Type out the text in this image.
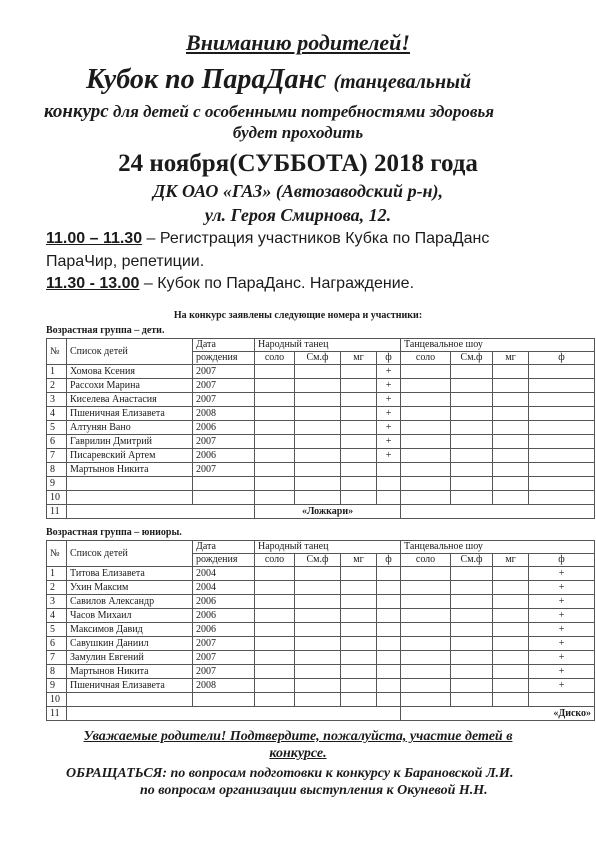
Вниманию родителей!
Кубок по ПараДанс (танцевальный
конкурс для детей с особенными потребностями здоровья
будет проходить
24 ноября(СУББОТА) 2018 года
ДК ОАО «ГАЗ» (Автозаводский р-н),
ул. Героя Смирнова, 12.
11.00 – 11.30 – Регистрация участников Кубка по ПараДанс
ПараЧир, репетиции.
11.30 - 13.00 – Кубок по ПараДанс. Награждение.
На конкурс заявлены следующие номера и участники:
Возрастная группа – дети.
№	Список детей	Дата	Народный танец				Танцевальное шоу			
		рождения	соло	См.ф	мг	ф	соло	См.ф	мг	ф
1	Хомова Ксения	2007				+				
2	Рассохи Марина	2007				+				
3	Киселева Анастасия	2007				+				
4	Пшеничная Елизавета	2008				+				
5	Алтунян Вано	2006				+				
6	Гаврилин Дмитрий	2007				+				
7	Писаревский Артем	2006				+				
8	Мартынов Никита	2007								
9										
10										
11			«Ложкари»							
Возрастная группа – юниоры.
№	Список детей	Дата	Народный танец				Танцевальное шоу			
		рождения	соло	См.ф	мг	ф	соло	См.ф	мг	ф
1	Титова Елизавета	2004								+
2	Ухин Максим	2004								+
3	Савилов Александр	2006								+
4	Часов Михаил	2006								+
5	Максимов Давид	2006								+
6	Савушкин Даниил	2007								+
7	Замулин Евгений	2007								+
8	Мартынов Никита	2007								+
9	Пшеничная Елизавета	2008								+
10										
11							«Диско»			
Уважаемые родители! Подтвердите, пожалуйста, участие детей в
конкурсе.
ОБРАЩАТЬСЯ: по вопросам подготовки к конкурсу к Барановской Л.И.
по вопросам организации выступления к Окуневой Н.Н.
